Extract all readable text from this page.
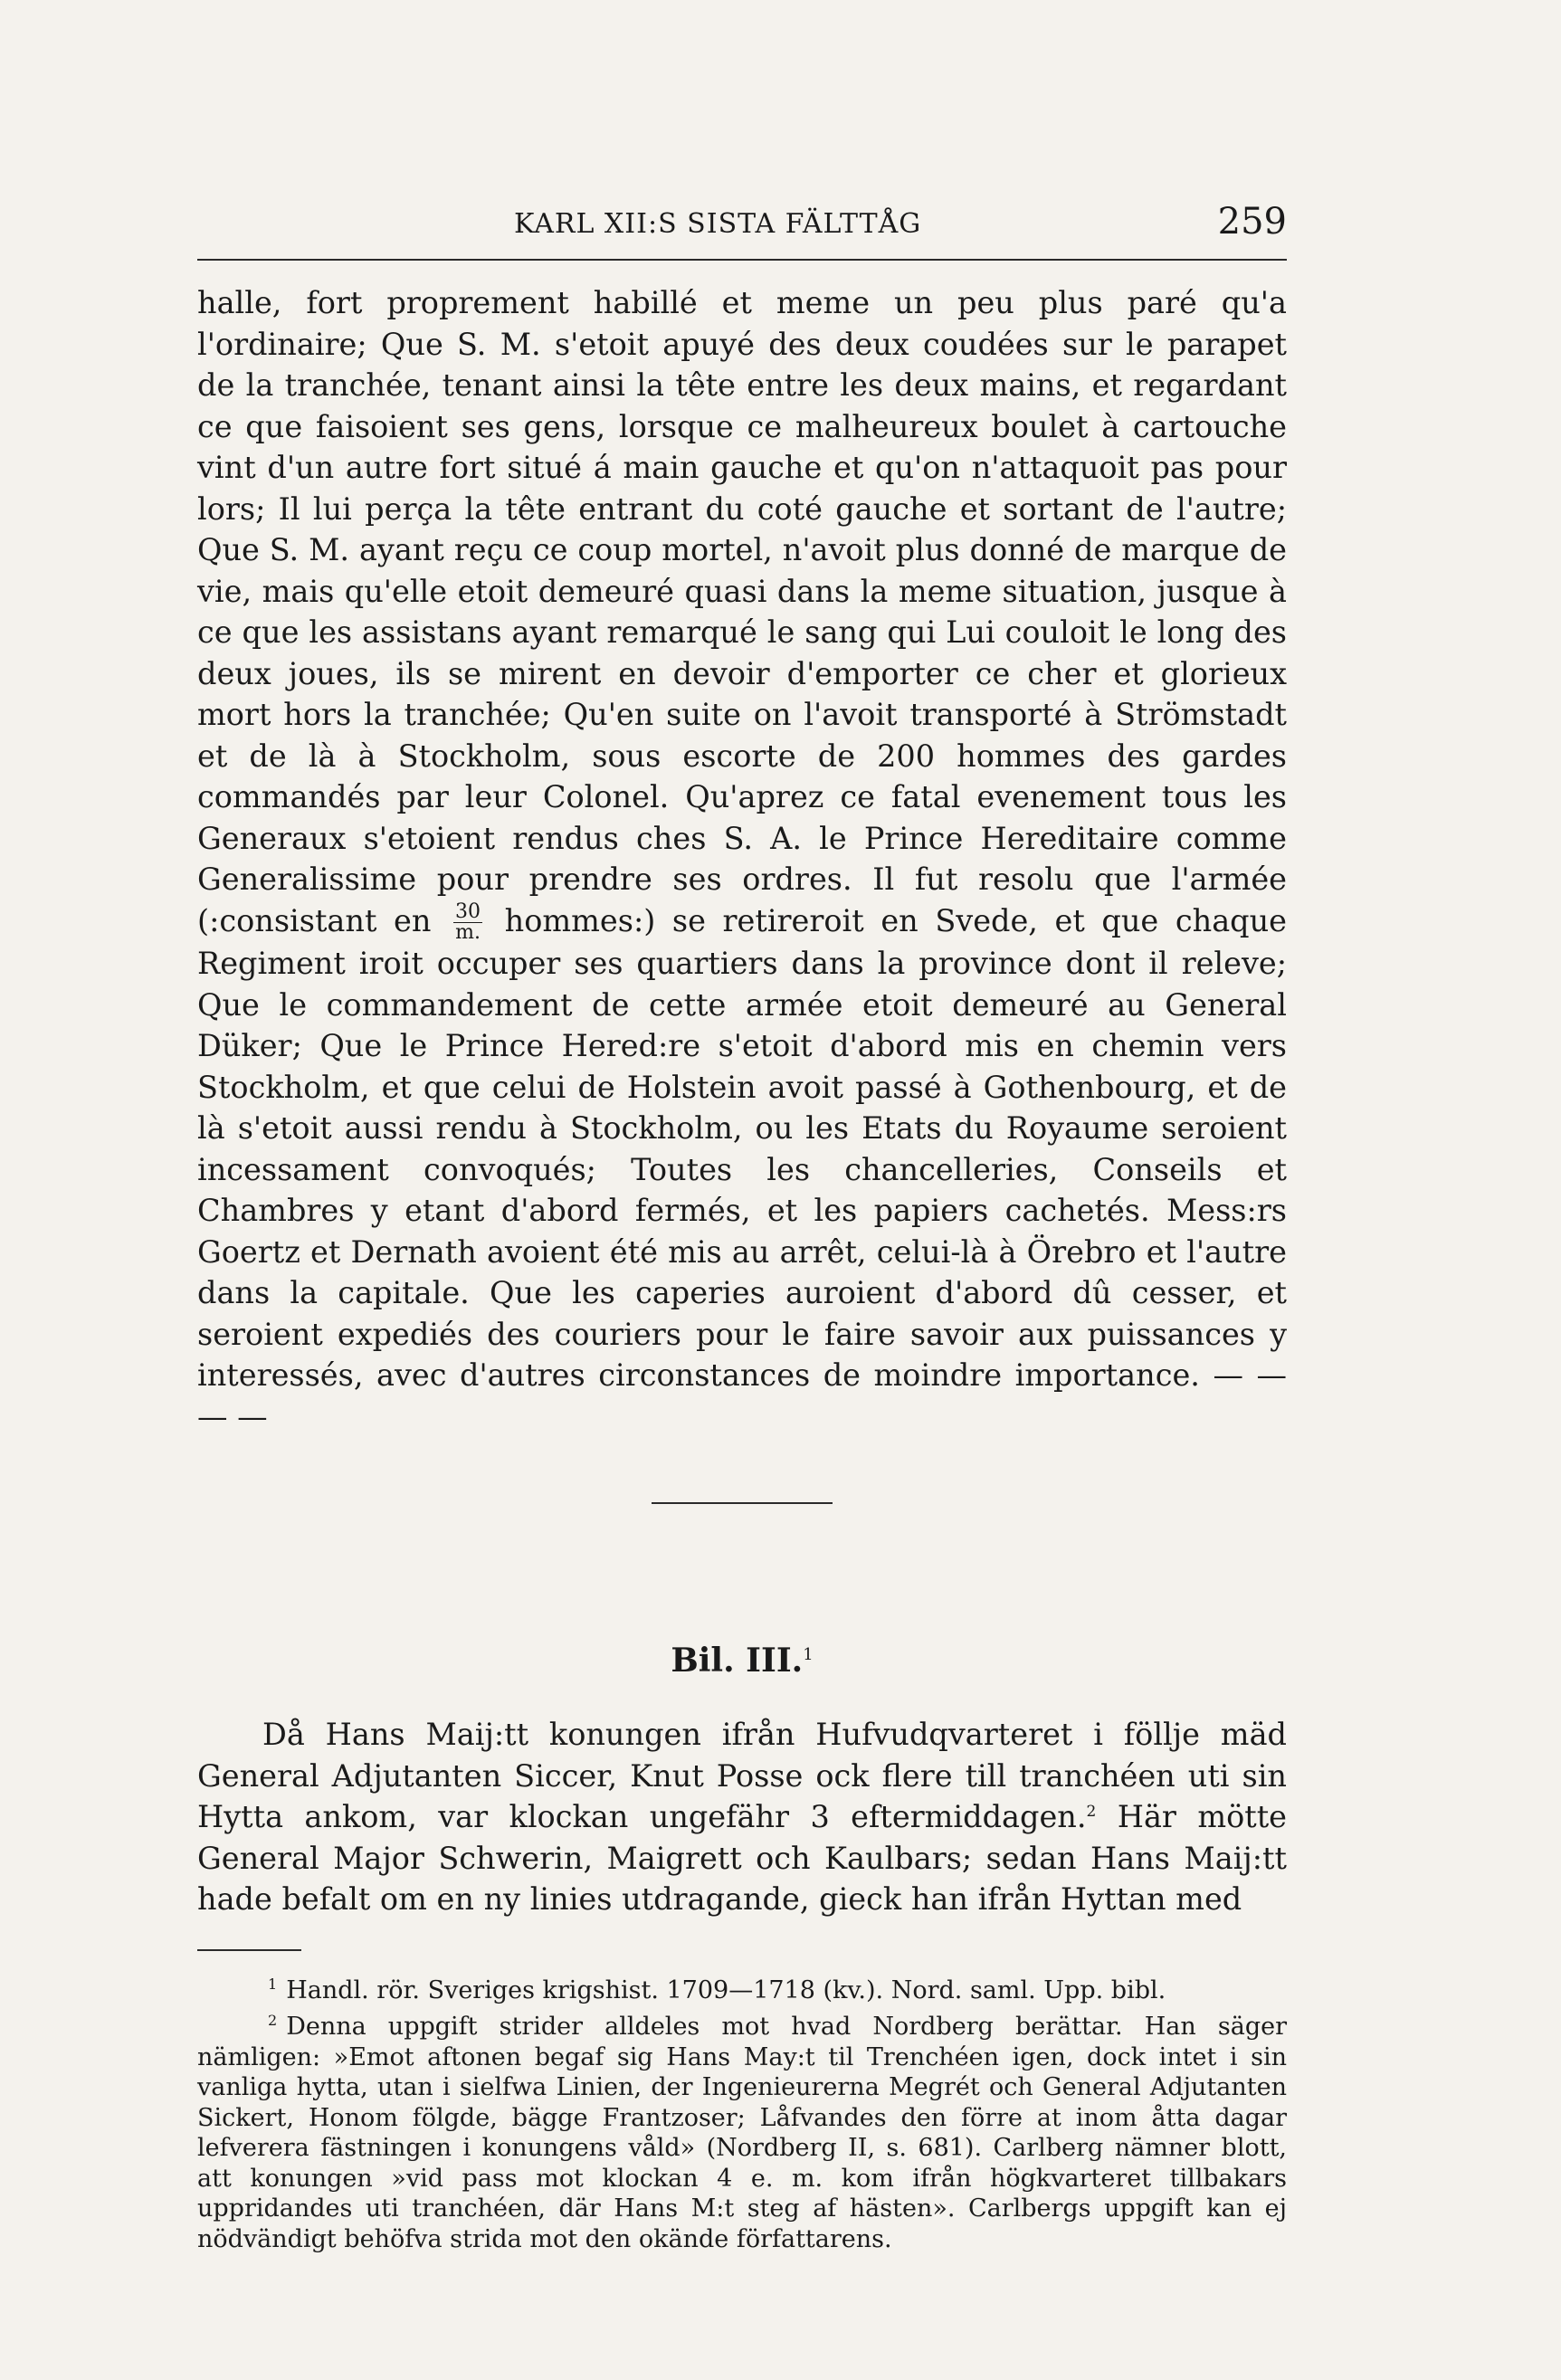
KARL XII:S SISTA FÄLTTÅG	259
halle, fort proprement habillé et meme un peu plus paré qu'a l'ordinaire; Que S. M. s'etoit apuyé des deux coudées sur le parapet de la tranchée, tenant ainsi la tête entre les deux mains, et regardant ce que faisoient ses gens, lorsque ce malheureux boulet à cartouche vint d'un autre fort situé á main gauche et qu'on n'attaquoit pas pour lors; Il lui perça la tête entrant du coté gauche et sortant de l'autre; Que S. M. ayant reçu ce coup mortel, n'avoit plus donné de marque de vie, mais qu'elle etoit demeuré quasi dans la meme situation, jusque à ce que les assistans ayant remarqué le sang qui Lui couloit le long des deux joues, ils se mirent en devoir d'emporter ce cher et glorieux mort hors la tranchée; Qu'en suite on l'avoit transporté à Strömstadt et de là à Stockholm, sous escorte de 200 hommes des gardes commandés par leur Colonel. Qu'aprez ce fatal evenement tous les Generaux s'etoient rendus ches S. A. le Prince Hereditaire comme Generalissime pour prendre ses ordres. Il fut resolu que l'armée (:consistant en $\frac{30}{m.}$ hommes:) se retireroit en Svede, et que chaque Regiment iroit occuper ses quartiers dans la province dont il releve; Que le commandement de cette armée etoit demeuré au General Düker; Que le Prince Hered:re s'etoit d'abord mis en chemin vers Stockholm, et que celui de Holstein avoit passé à Gothenbourg, et de là s'etoit aussi rendu à Stockholm, ou les Etats du Royaume seroient incessament convoqués; Toutes les chancelleries, Conseils et Chambres y etant d'abord fermés, et les papiers cachetés. Mess:rs Goertz et Dernath avoient été mis au arrêt, celui-là à Örebro et l'autre dans la capitale. Que les caperies auroient d'abord dû cesser, et seroient expediés des couriers pour le faire savoir aux puissances y interessés, avec d'autres circonstances de moindre importance. — — — —
Bil. III.$^1$
Då Hans Maij:tt konungen ifrån Hufvudqvarteret i föllje mäd General Adjutanten Siccer, Knut Posse ock flere till tranchéen uti sin Hytta ankom, var klockan ungefähr 3 eftermiddagen.$^2$ Här mötte General Major Schwerin, Maigrett och Kaulbars; sedan Hans Maij:tt hade befalt om en ny linies utdragande, gieck han ifrån Hyttan med

$^1$ Handl. rör. Sveriges krigshist. 1709—1718 (kv.). Nord. saml. Upp. bibl.

$^2$ Denna uppgift strider alldeles mot hvad Nordberg berättar. Han säger nämligen: »Emot aftonen begaf sig Hans May:t til Trenchéen igen, dock intet i sin vanliga hytta, utan i sielfwa Linien, der Ingenieurerna Megrét och General Adjutanten Sickert, Honom fölgde, bägge Frantzoser; Låfvandes den förre at inom åtta dagar lefverera fästningen i konungens våld» (Nordberg II, s. 681). Carlberg nämner blott, att konungen »vid pass mot klockan 4 e. m. kom ifrån högkvarteret tillbakars uppridandes uti tranchéen, där Hans M:t steg af hästen». Carlbergs uppgift kan ej nödvändigt behöfva strida mot den okände författarens.
